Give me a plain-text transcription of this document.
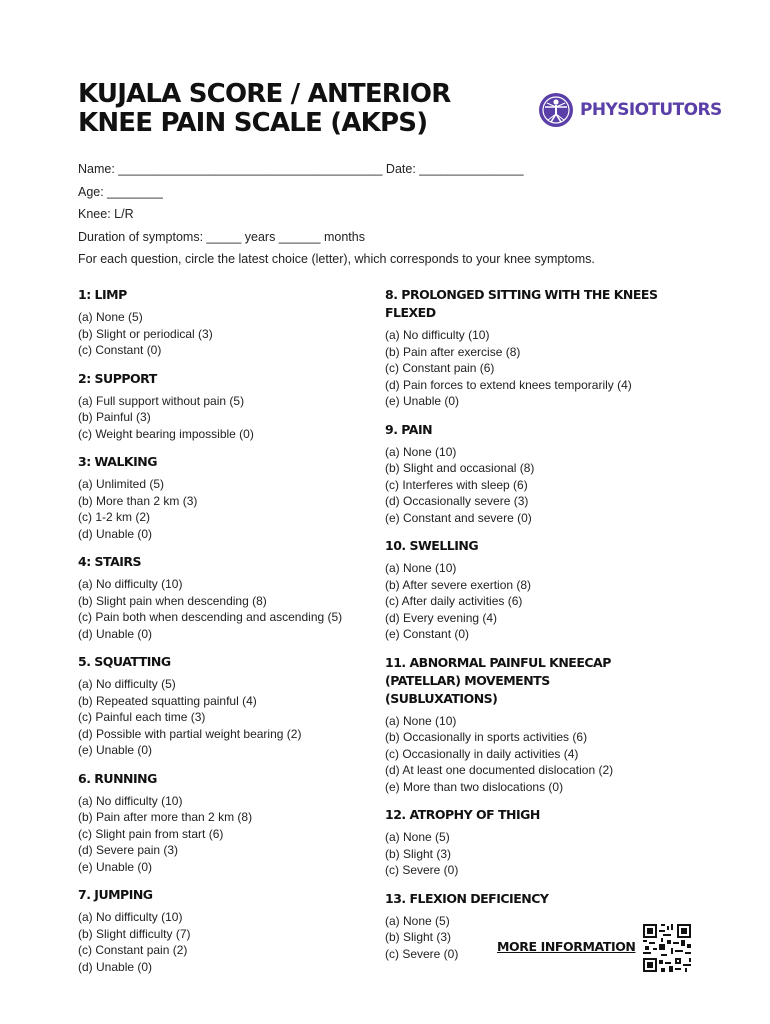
KUJALA SCORE / ANTERIOR KNEE PAIN SCALE (AKPS)	PHYSIOTUTORS
Name: ______________________________________ Date: _______________
Age: ________
Knee: L/R
Duration of symptoms: _____ years ______ months
For each question, circle the latest choice (letter), which corresponds to your knee symptoms.
1: LIMP
(a) None (5)
(b) Slight or periodical (3)
(c) Constant (0)
2: SUPPORT
(a) Full support without pain (5)
(b) Painful (3)
(c) Weight bearing impossible (0)
3: WALKING
(a) Unlimited (5)
(b) More than 2 km (3)
(c) 1-2 km (2)
(d) Unable (0)
4: STAIRS
(a) No difficulty (10)
(b) Slight pain when descending (8)
(c) Pain both when descending and ascending (5)
(d) Unable (0)
5. SQUATTING
(a) No difficulty (5)
(b) Repeated squatting painful (4)
(c) Painful each time (3)
(d) Possible with partial weight bearing (2)
(e) Unable (0)
6. RUNNING
(a) No difficulty (10)
(b) Pain after more than 2 km (8)
(c) Slight pain from start (6)
(d) Severe pain (3)
(e) Unable (0)
7. JUMPING
(a) No difficulty (10)
(b) Slight difficulty (7)
(c) Constant pain (2)
(d) Unable (0)
8. PROLONGED SITTING WITH THE KNEES FLEXED
(a) No difficulty (10)
(b) Pain after exercise (8)
(c) Constant pain (6)
(d) Pain forces to extend knees temporarily (4)
(e) Unable (0)
9. PAIN
(a) None (10)
(b) Slight and occasional (8)
(c) Interferes with sleep (6)
(d) Occasionally severe (3)
(e) Constant and severe (0)
10. SWELLING
(a) None (10)
(b) After severe exertion (8)
(c) After daily activities (6)
(d) Every evening (4)
(e) Constant (0)
11. ABNORMAL PAINFUL KNEECAP (PATELLAR) MOVEMENTS (SUBLUXATIONS)
(a) None (10)
(b) Occasionally in sports activities (6)
(c) Occasionally in daily activities (4)
(d) At least one documented dislocation (2)
(e) More than two dislocations (0)
12. ATROPHY OF THIGH
(a) None (5)
(b) Slight (3)
(c) Severe (0)
13. FLEXION DEFICIENCY
(a) None (5)
(b) Slight (3)
(c) Severe (0)	MORE INFORMATION
